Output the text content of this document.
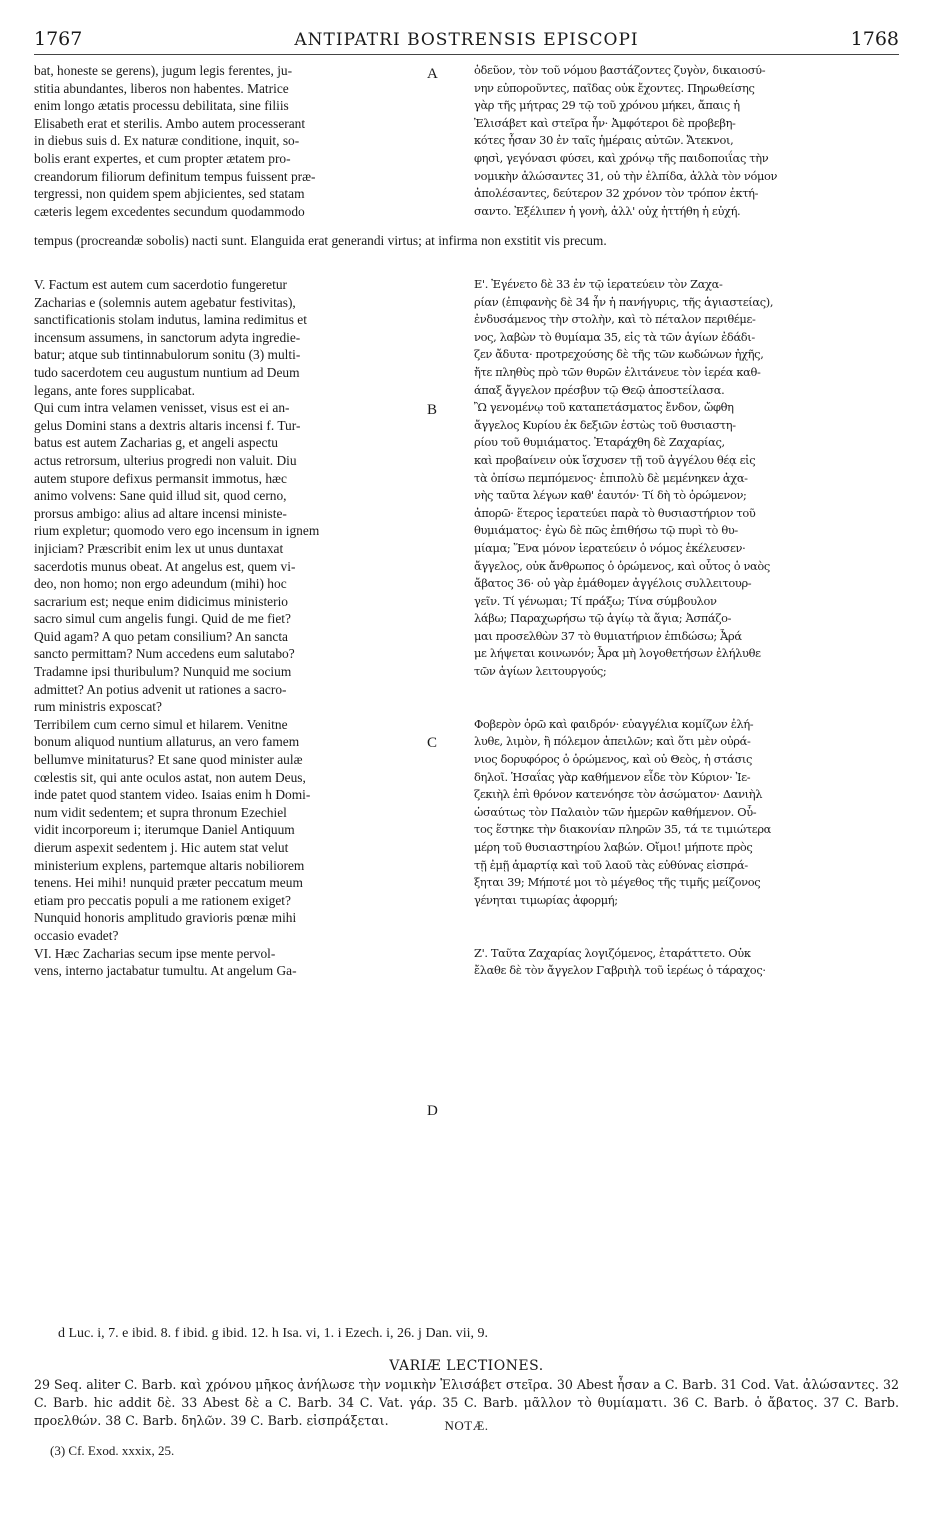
1767	ANTIPATRI BOSTRENSIS EPISCOPI	1768
bat, honeste se gerens), jugum legis ferentes, ju-
stitia abundantes, liberos non habentes. Matrice
enim longo ætatis processu debilitata, sine filiis
Elisabeth erat et sterilis. Ambo autem processerant
in diebus suis d. Ex naturæ conditione, inquit, so-
bolis erant expertes, et cum propter ætatem pro-
creandorum filiorum definitum tempus fuissent præ-
tergressi, non quidem spem abjicientes, sed statam
cæteris legem excedentes secundum quodammodo
ὁδεῦον, τὸν τοῦ νόμου βαστάζοντες ζυγὸν, δικαιοσύ-
νην εὐποροῦντες, παῖδας οὐκ ἔχοντες. Πηρωθείσης
γὰρ τῆς μήτρας 29 τῷ τοῦ χρόνου μήκει, ἄπαις ἡ
Ἐλισάβετ καὶ στεῖρα ἦν· Ἀμφότεροι δὲ προβεβη-
κότες ἦσαν 30 ἐν ταῖς ἡμέραις αὐτῶν. Ἄτεκνοι,
φησὶ, γεγόνασι φύσει, καὶ χρόνῳ τῆς παιδοποιΐας τὴν
νομικὴν ἁλώσαντες 31, οὐ τὴν ἐλπίδα, ἀλλὰ τὸν νόμον
ἀπολέσαντες, δεύτερον 32 χρόνον τὸν τρόπον ἐκτή-
σαντο. Ἐξέλιπεν ἡ γονὴ, ἀλλ' οὐχ ἡττήθη ἡ εὐχή.
A
tempus (procreandæ sobolis) nacti sunt. Elanguida erat generandi virtus; at infirma non exstitit vis precum.
V. Factum est autem cum sacerdotio fungeretur
Zacharias e (solemnis autem agebatur festivitas),
sanctificationis stolam indutus, lamina redimitus et
incensum assumens, in sanctorum adyta ingredie-
batur; atque sub tintinnabulorum sonitu (3) multi-
tudo sacerdotem ceu augustum nuntium ad Deum
legans, ante fores supplicabat.
Qui cum intra velamen venisset, visus est ei an-
gelus Domini stans a dextris altaris incensi f. Tur-
batus est autem Zacharias g, et angeli aspectu
actus retrorsum, ulterius progredi non valuit. Diu
autem stupore defixus permansit immotus, hæc
animo volvens: Sane quid illud sit, quod cerno,
prorsus ambigo: alius ad altare incensi ministe-
rium expletur; quomodo vero ego incensum in ignem
injiciam? Præscribit enim lex ut unus duntaxat
sacerdotis munus obeat. At angelus est, quem vi-
deo, non homo; non ergo adeundum (mihi) hoc
sacrarium est; neque enim didicimus ministerio
sacro simul cum angelis fungi. Quid de me fiet?
Quid agam? A quo petam consilium? An sancta
sancto permittam? Num accedens eum salutabo?
Tradamne ipsi thuribulum? Nunquid me socium
admittet? An potius advenit ut rationes a sacro-
rum ministris exposcat?
Terribilem cum cerno simul et hilarem. Venitne
bonum aliquod nuntium allaturus, an vero famem
bellumve minitaturus? Et sane quod minister aulæ
cœlestis sit, qui ante oculos astat, non autem Deus,
inde patet quod stantem video. Isaias enim h Domi-
num vidit sedentem; et supra thronum Ezechiel
vidit incorporeum i; iterumque Daniel Antiquum
dierum aspexit sedentem j. Hic autem stat velut
ministerium explens, partemque altaris nobiliorem
tenens. Hei mihi! nunquid præter peccatum meum
etiam pro peccatis populi a me rationem exiget?
Nunquid honoris amplitudo gravioris pœnæ mihi
occasio evadet?
VI. Hæc Zacharias secum ipse mente pervol-
vens, interno jactabatur tumultu. At angelum Ga-
Ε'. Ἐγένετο δὲ 33 ἐν τῷ ἱερατεύειν τὸν Ζαχα-
ρίαν (ἐπιφανὴς δὲ 34 ἦν ἡ πανήγυρις, τῆς ἁγιαστείας),
ἐνδυσάμενος τὴν στολὴν, καὶ τὸ πέταλον περιθέμε-
νος, λαβὼν τὸ θυμίαμα 35, εἰς τὰ τῶν ἁγίων ἐδάδι-
ζεν ἄδυτα· προτρεχούσης δὲ τῆς τῶν κωδώνων ἠχῆς,
ἤτε πληθὺς πρὸ τῶν θυρῶν ἐλιτάνευε τὸν ἱερέα καθ-
άπαξ ἄγγελον πρέσβυν τῷ Θεῷ ἀποστείλασα.
Ὢ γενομένῳ τοῦ καταπετάσματος ἔνδον, ὤφθη
ἄγγελος Κυρίου ἐκ δεξιῶν ἑστὼς τοῦ θυσιαστη-
ρίου τοῦ θυμιάματος. Ἐταράχθη δὲ Ζαχαρίας,
καὶ προβαίνειν οὐκ ἴσχυσεν τῇ τοῦ ἀγγέλου θέᾳ εἰς
τὰ ὀπίσω πεμπόμενος· ἐπιπολὺ δὲ μεμένηκεν ἀχα-
νὴς ταῦτα λέγων καθ' ἑαυτόν· Τί δὴ τὸ ὁρώμενον;
ἀπορῶ· ἕτερος ἱερατεύει παρὰ τὸ θυσιαστήριον τοῦ
θυμιάματος· ἐγὼ δὲ πῶς ἐπιθήσω τῷ πυρὶ τὸ θυ-
μίαμα; Ἕνα μόνον ἱερατεύειν ὁ νόμος ἐκέλευσεν·
ἄγγελος, οὐκ ἄνθρωπος ὁ ὁρώμενος, καὶ οὗτος ὁ ναὸς
ἄβατος 36· οὐ γὰρ ἐμάθομεν ἀγγέλοις συλλειτουρ-
γεῖν. Τί γένωμαι; Τί πράξω; Τίνα σύμβουλον
λάβω; Παραχωρήσω τῷ ἁγίῳ τὰ ἅγια; Ἀσπάζο-
μαι προσελθὼν 37 τὸ θυμιατήριον ἐπιδώσω; Ἆρά
με λήψεται κοινωνόν; Ἆρα μὴ λογοθετήσων ἐλήλυθε
τῶν ἁγίων λειτουργούς;

Φοβερὸν ὁρῶ καὶ φαιδρόν· εὐαγγέλια κομίζων ἐλή-
λυθε, λιμὸν, ἢ πόλεμον ἀπειλῶν; καὶ ὅτι μὲν οὐρά-
νιος δορυφόρος ὁ ὁρώμενος, καὶ οὐ Θεὸς, ἡ στάσις
δηλοῖ. Ἡσαΐας γὰρ καθήμενον εἶδε τὸν Κύριον· Ἰε-
ζεκιὴλ ἐπὶ θρόνον κατενόησε τὸν ἀσώματον· Δανιὴλ
ὡσαύτως τὸν Παλαιὸν τῶν ἡμερῶν καθήμενον. Οὗ-
τος ἕστηκε τὴν διακονίαν πληρῶν 35, τά τε τιμιώτερα
μέρη τοῦ θυσιαστηρίου λαβών. Οἴμοι! μήποτε πρὸς
τῇ ἐμῇ ἁμαρτίᾳ καὶ τοῦ λαοῦ τὰς εὐθύνας εἰσπρά-
ξηται 39; Μήποτέ μοι τὸ μέγεθος τῆς τιμῆς μείζονος
γένηται τιμωρίας ἀφορμή;

Ζ'. Ταῦτα Ζαχαρίας λογιζόμενος, ἐταράττετο. Οὐκ
ἔλαθε δὲ τὸν ἄγγελον Γαβριὴλ τοῦ ἱερέως ὁ τάραχος·
B
C
D
d Luc. i, 7. e ibid. 8. f ibid. g ibid. 12. h Isa. vi, 1. i Ezech. i, 26. j Dan. vii, 9.
VARIÆ LECTIONES.
29 Seq. aliter C. Barb. καὶ χρόνου μῆκος ἀνήλωσε τὴν νομικὴν Ἐλισάβετ στεῖρα. 30 Abest ἦσαν a C. Barb. 31 Cod. Vat. ἀλώσαντες. 32 C. Barb. hic addit δὲ. 33 Abest δὲ a C. Barb. 34 C. Vat. γάρ. 35 C. Barb. μᾶλλον τὸ θυμίαματι. 36 C. Barb. ὁ ἄβατος. 37 C. Barb. προελθών. 38 C. Barb. δηλῶν. 39 C. Barb. εἰσπράξεται.	NOTÆ.
(3) Cf. Exod. xxxix, 25.
